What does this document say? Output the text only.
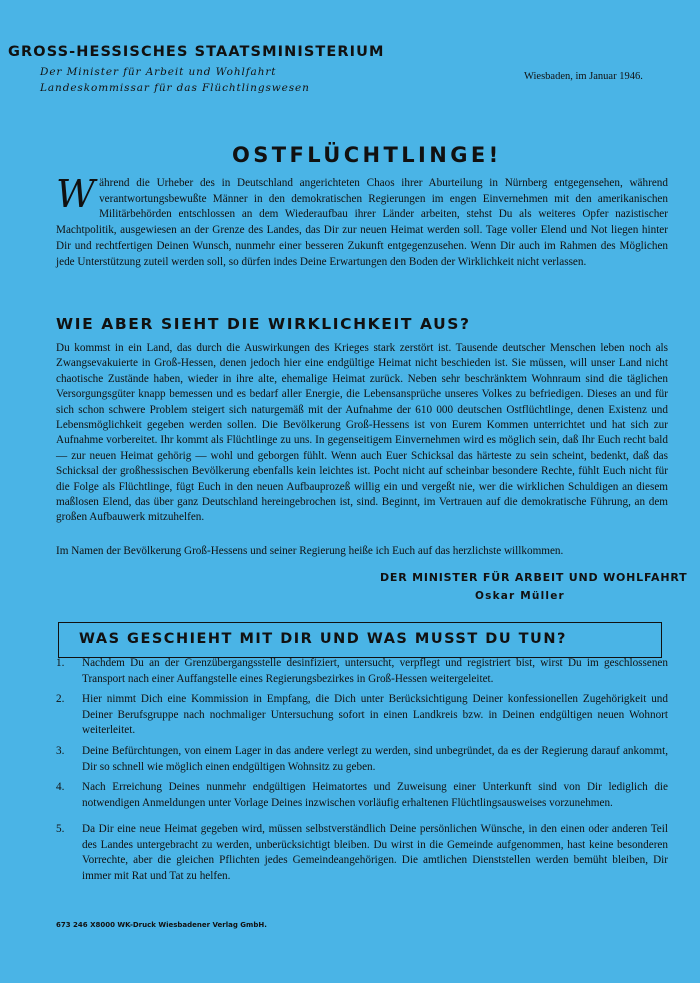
GROSS-HESSISCHES STAATSMINISTERIUM
Der Minister für Arbeit und Wohlfahrt
Landeskommissar für das Flüchtlingswesen
Wiesbaden, im Januar 1946.
OSTFLÜCHTLINGE!
Während die Urheber des in Deutschland angerichteten Chaos ihrer Aburteilung in Nürnberg entgegensehen, während verantwortungsbewußte Männer in den demokratischen Regierungen im engen Einvernehmen mit den amerikanischen Militärbehörden entschlossen an dem Wiederaufbau ihrer Länder arbeiten, stehst Du als weiteres Opfer nazistischer Machtpolitik, ausgewiesen an der Grenze des Landes, das Dir zur neuen Heimat werden soll. Tage voller Elend und Not liegen hinter Dir und rechtfertigen Deinen Wunsch, nunmehr einer besseren Zukunft entgegenzusehen. Wenn Dir auch im Rahmen des Möglichen jede Unterstützung zuteil werden soll, so dürfen indes Deine Erwartungen den Boden der Wirklichkeit nicht verlassen.
WIE ABER SIEHT DIE WIRKLICHKEIT AUS?
Du kommst in ein Land, das durch die Auswirkungen des Krieges stark zerstört ist. Tausende deutscher Menschen leben noch als Zwangsevakuierte in Groß-Hessen, denen jedoch hier eine endgültige Heimat nicht beschieden ist. Sie müssen, will unser Land nicht chaotische Zustände haben, wieder in ihre alte, ehemalige Heimat zurück. Neben sehr beschränktem Wohnraum sind die täglichen Versorgungsgüter knapp bemessen und es bedarf aller Energie, die Lebensansprüche unseres Volkes zu befriedigen. Dieses an und für sich schon schwere Problem steigert sich naturgemäß mit der Aufnahme der 610 000 deutschen Ostflüchtlinge, denen Existenz und Lebensmöglichkeit gegeben werden sollen. Die Bevölkerung Groß-Hessens ist von Eurem Kommen unterrichtet und hat sich zur Aufnahme vorbereitet. Ihr kommt als Flüchtlinge zu uns. In gegenseitigem Einvernehmen wird es möglich sein, daß Ihr Euch recht bald — zur neuen Heimat gehörig — wohl und geborgen fühlt. Wenn auch Euer Schicksal das härteste zu sein scheint, bedenkt, daß das Schicksal der großhessischen Bevölkerung ebenfalls kein leichtes ist. Pocht nicht auf scheinbar besondere Rechte, fühlt Euch nicht für die Folge als Flüchtlinge, fügt Euch in den neuen Aufbauprozeß willig ein und vergeßt nie, wer die wirklichen Schuldigen an diesem maßlosen Elend, das über ganz Deutschland hereingebrochen ist, sind. Beginnt, im Vertrauen auf die demokratische Führung, an dem großen Aufbauwerk mitzuhelfen.
Im Namen der Bevölkerung Groß-Hessens und seiner Regierung heiße ich Euch auf das herzlichste willkommen.
DER MINISTER FÜR ARBEIT UND WOHLFAHRT
Oskar Müller
WAS GESCHIEHT MIT DIR UND WAS MUSST DU TUN?
1. Nachdem Du an der Grenzübergangsstelle desinfiziert, untersucht, verpflegt und registriert bist, wirst Du im geschlossenen Transport nach einer Auffangstelle eines Regierungsbezirkes in Groß-Hessen weitergeleitet.
2. Hier nimmt Dich eine Kommission in Empfang, die Dich unter Berücksichtigung Deiner konfessionellen Zugehörigkeit und Deiner Berufsgruppe nach nochmaliger Untersuchung sofort in einen Landkreis bzw. in Deinen endgültigen neuen Wohnort weiterleitet.
3. Deine Befürchtungen, von einem Lager in das andere verlegt zu werden, sind unbegründet, da es der Regierung darauf ankommt, Dir so schnell wie möglich einen endgültigen Wohnsitz zu geben.
4. Nach Erreichung Deines nunmehr endgültigen Heimatortes und Zuweisung einer Unterkunft sind von Dir lediglich die notwendigen Anmeldungen unter Vorlage Deines inzwischen vorläufig erhaltenen Flüchtlingsausweises vorzunehmen.
5. Da Dir eine neue Heimat gegeben wird, müssen selbstverständlich Deine persönlichen Wünsche, in den einen oder anderen Teil des Landes untergebracht zu werden, unberücksichtigt bleiben. Du wirst in die Gemeinde aufgenommen, hast keine besonderen Vorrechte, aber die gleichen Pflichten jedes Gemeindeangehörigen. Die amtlichen Dienststellen werden bemüht bleiben, Dir immer mit Rat und Tat zu helfen.
673 246 X8000 WK-Druck Wiesbadener Verlag GmbH.
